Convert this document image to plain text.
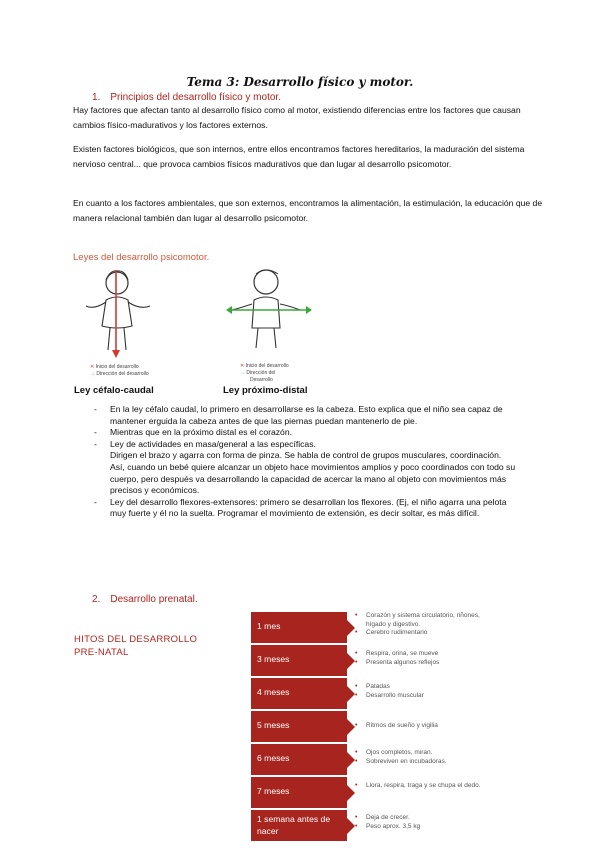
Tema 3: Desarrollo físico y motor.
1. Principios del desarrollo físico y motor.
Hay factores que afectan tanto al desarrollo físico como al motor, existiendo diferencias entre los factores que causan cambios físico-madurativos y los factores externos.
Existen factores biológicos, que son internos, entre ellos encontramos factores hereditarios, la maduración del sistema nervioso central... que provoca cambios físicos madurativos que dan lugar al desarrollo psicomotor.
En cuanto a los factores ambientales, que son externos, encontramos la alimentación, la estimulación, la educación que de manera relacional también dan lugar al desarrollo psicomotor.
Leyes del desarrollo psicomotor.
✕ Inicio del desarrollo
→ Dirección del desarrollo
Ley céfalo-caudal
✕ Inicio del desarrollo
→ Dirección del
Desarrollo
Ley próximo-distal
- En la ley céfalo caudal, lo primero en desarrollarse es la cabeza. Esto explica que el niño sea capaz de mantener erguida la cabeza antes de que las piernas puedan mantenerlo de pie.
- Mientras que en la próximo distal es el corazón.
- Ley de actividades en masa/general a las específicas.
Dirigen el brazo y agarra con forma de pinza. Se habla de control de grupos musculares, coordinación.
Así, cuando un bebé quiere alcanzar un objeto hace movimientos amplios y poco coordinados con todo su cuerpo, pero después va desarrollando la capacidad de acercar la mano al objeto con movimientos más precisos y económicos.
- Ley del desarrollo flexores-extensores: primero se desarrollan los flexores. (Ej, el niño agarra una pelota muy fuerte y él no la suelta. Programar el movimiento de extensión, es decir soltar, es más difícil.
2. Desarrollo prenatal.
HITOS DEL DESARROLLO
PRE-NATAL
1 mes
• Corazón y sistema circulatorio, riñones, hígado y digestivo.
• Cerebro rudimentario
3 meses
• Respira, orina, se mueve
• Presenta algunos reflejos
4 meses
• Patadas
• Desarrollo muscular
5 meses	• Ritmos de sueño y vigilia
6 meses
• Ojos completos, miran.
• Sobreviven en incubadoras.
7 meses
• Llora, respira, traga y se chupa el dedo.
1 semana antes de nacer
• Deja de crecer.
• Peso aprox. 3,5 kg
